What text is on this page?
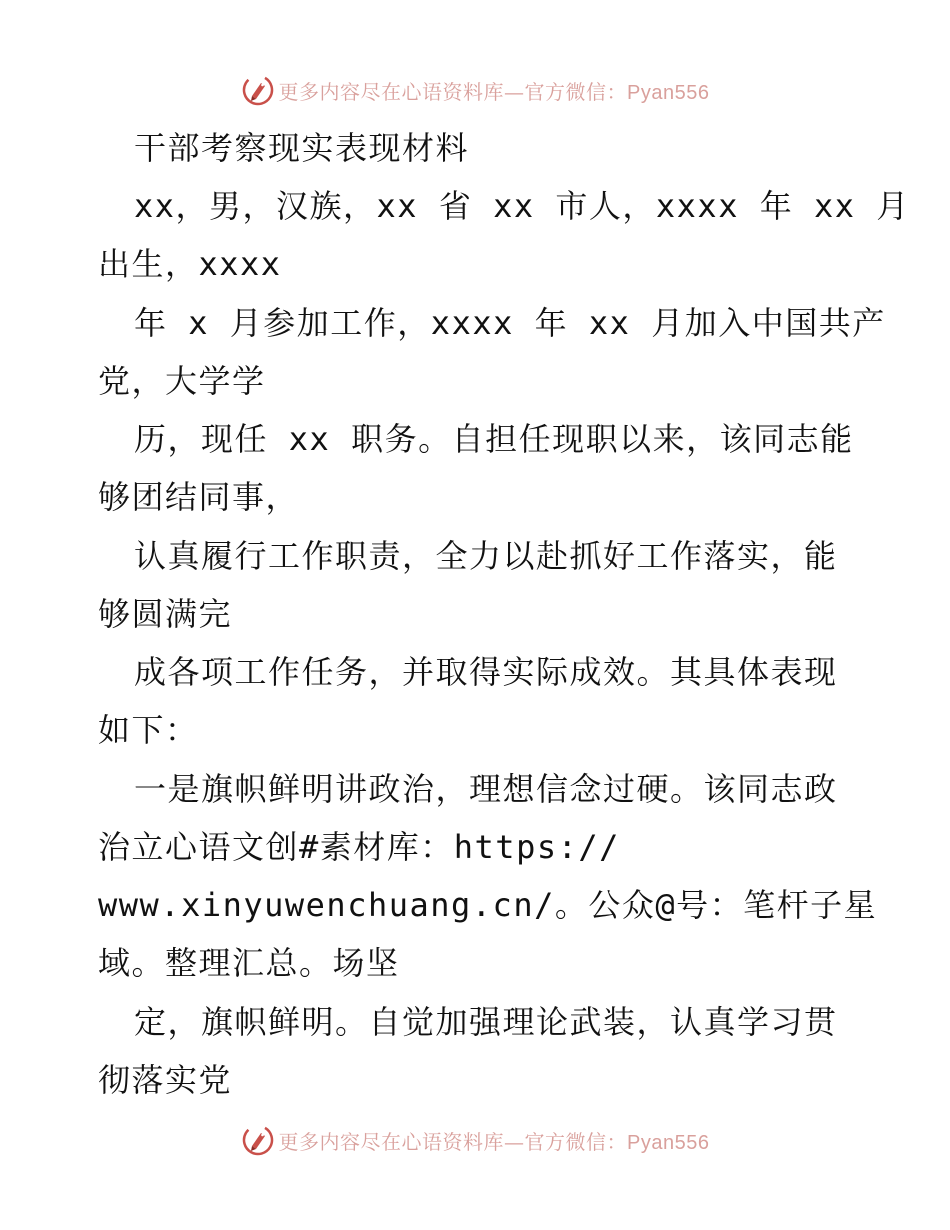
更多内容尽在心语资料库—官方微信：Pyan556
干部考察现实表现材料
xx，男，汉族，xx 省 xx 市人，xxxx 年 xx 月
出生，xxxx
年 x 月参加工作，xxxx 年 xx 月加入中国共产
党，大学学
历，现任 xx 职务。自担任现职以来，该同志能
够团结同事，
认真履行工作职责，全力以赴抓好工作落实，能
够圆满完
成各项工作任务，并取得实际成效。其具体表现
如下：
一是旗帜鲜明讲政治，理想信念过硬。该同志政
治立心语文创#素材库：https://
www.xinyuwenchuang.cn/。公众@号：笔杆子星
域。整理汇总。场坚
定，旗帜鲜明。自觉加强理论武装，认真学习贯
彻落实党
更多内容尽在心语资料库—官方微信：Pyan556
